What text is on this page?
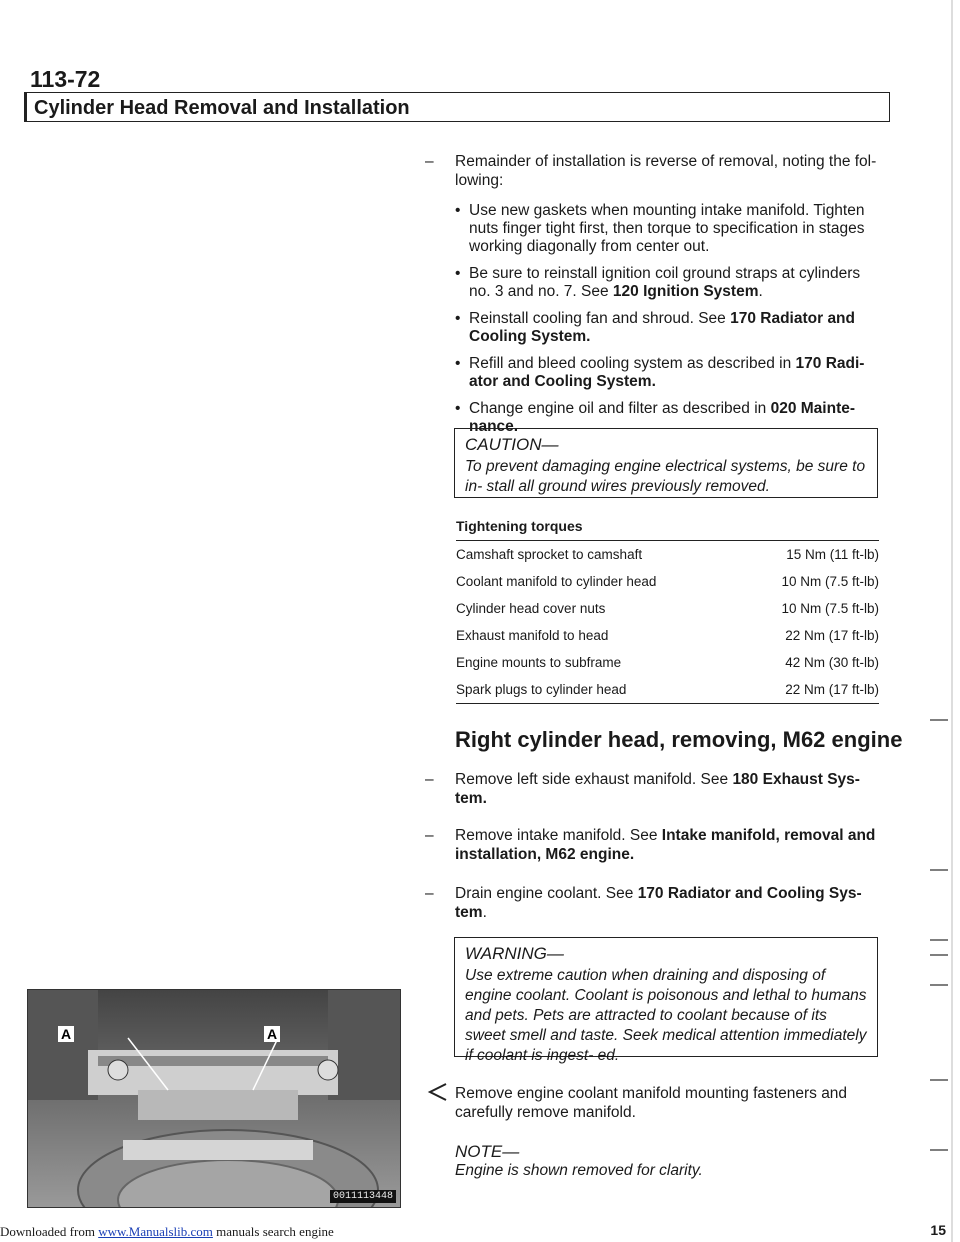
113-72
Cylinder Head Removal and Installation
–	Remainder of installation is reverse of removal, noting the fol- lowing:
• Use new gaskets when mounting intake manifold. Tighten nuts finger tight first, then torque to specification in stages working diagonally from center out.
• Be sure to reinstall ignition coil ground straps at cylinders no. 3 and no. 7. See 120 Ignition System.
• Reinstall cooling fan and shroud. See 170 Radiator and Cooling System.
• Refill and bleed cooling system as described in 170 Radi- ator and Cooling System.
• Change engine oil and filter as described in 020 Mainte- nance.
CAUTION—
To prevent damaging engine electrical systems, be sure to in- stall all ground wires previously removed.
Tightening torques
Camshaft sprocket to camshaft	15 Nm (11 ft-lb)
Coolant manifold to cylinder head	10 Nm (7.5 ft-lb)
Cylinder head cover nuts	10 Nm (7.5 ft-lb)
Exhaust manifold to head	22 Nm (17 ft-lb)
Engine mounts to subframe	42 Nm (30 ft-lb)
Spark plugs to cylinder head	22 Nm (17 ft-lb)
Right cylinder head, removing, M62 engine
–	Remove left side exhaust manifold. See 180 Exhaust Sys- tem.
–	Remove intake manifold. See Intake manifold, removal and installation, M62 engine.
–	Drain engine coolant. See 170 Radiator and Cooling Sys- tem.
WARNING—
Use extreme caution when draining and disposing of engine coolant. Coolant is poisonous and lethal to humans and pets. Pets are attracted to coolant because of its sweet smell and taste. Seek medical attention immediately if coolant is ingest- ed.
Remove engine coolant manifold mounting fasteners and carefully remove manifold.
NOTE—
Engine is shown removed for clarity.
A	A
0011113448
Downloaded from www.Manualslib.com manuals search engine	15
